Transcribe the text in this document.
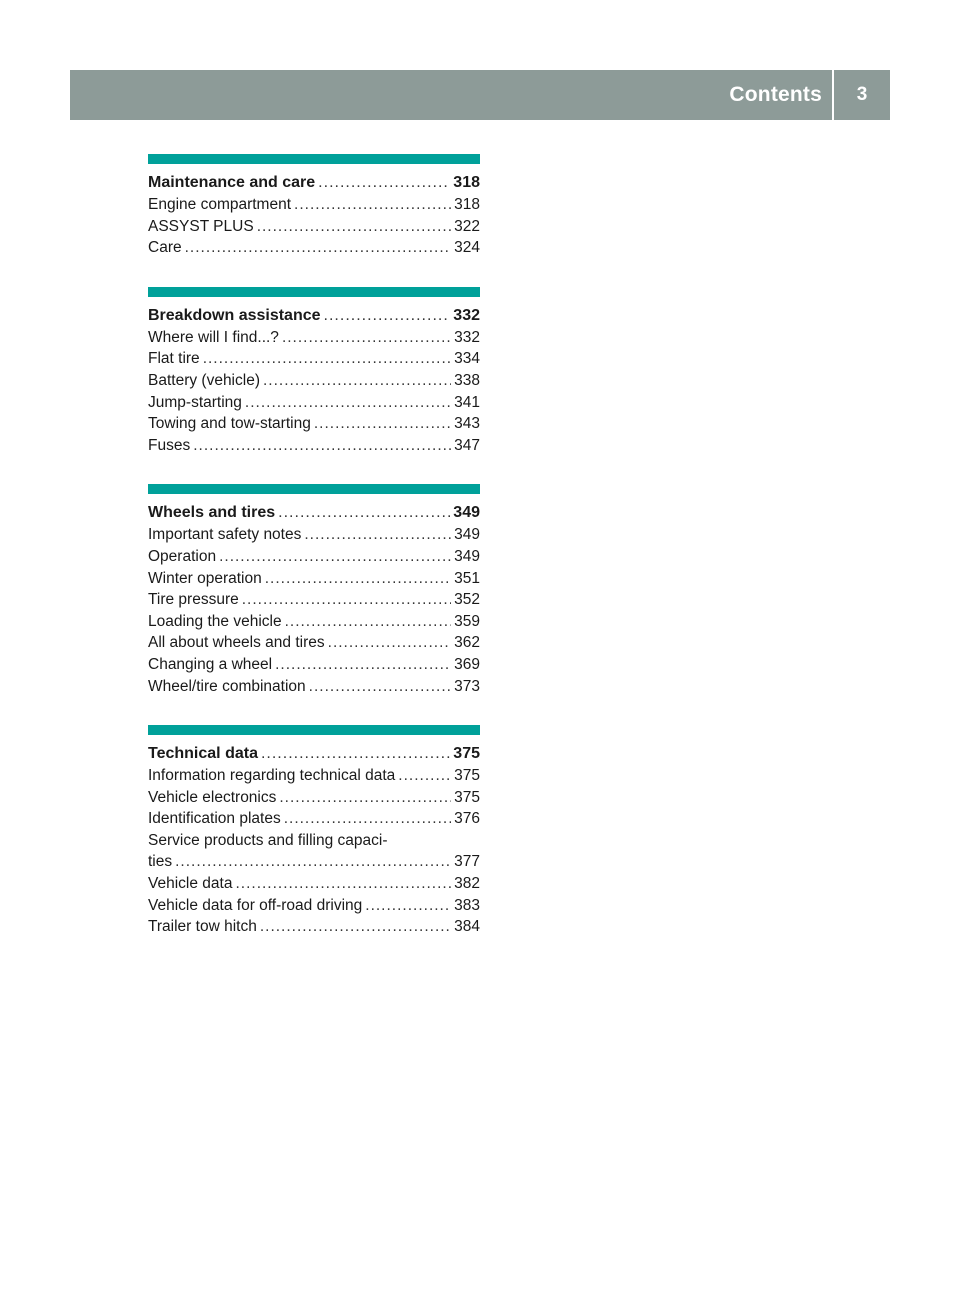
Contents	3
Maintenance and care .....	318
Engine compartment .....	318
ASSYST PLUS .....	322
Care .....	324
Breakdown assistance .....	332
Where will I find...? .....	332
Flat tire .....	334
Battery (vehicle) .....	338
Jump-starting .....	341
Towing and tow-starting .....	343
Fuses .....	347
Wheels and tires .....	349
Important safety notes .....	349
Operation .....	349
Winter operation .....	351
Tire pressure .....	352
Loading the vehicle .....	359
All about wheels and tires .....	362
Changing a wheel .....	369
Wheel/tire combination .....	373
Technical data .....	375
Information regarding technical data .....	375
Vehicle electronics .....	375
Identification plates .....	376
Service products and filling capaci-
ties .....	377
Vehicle data .....	382
Vehicle data for off-road driving .....	383
Trailer tow hitch .....	384
